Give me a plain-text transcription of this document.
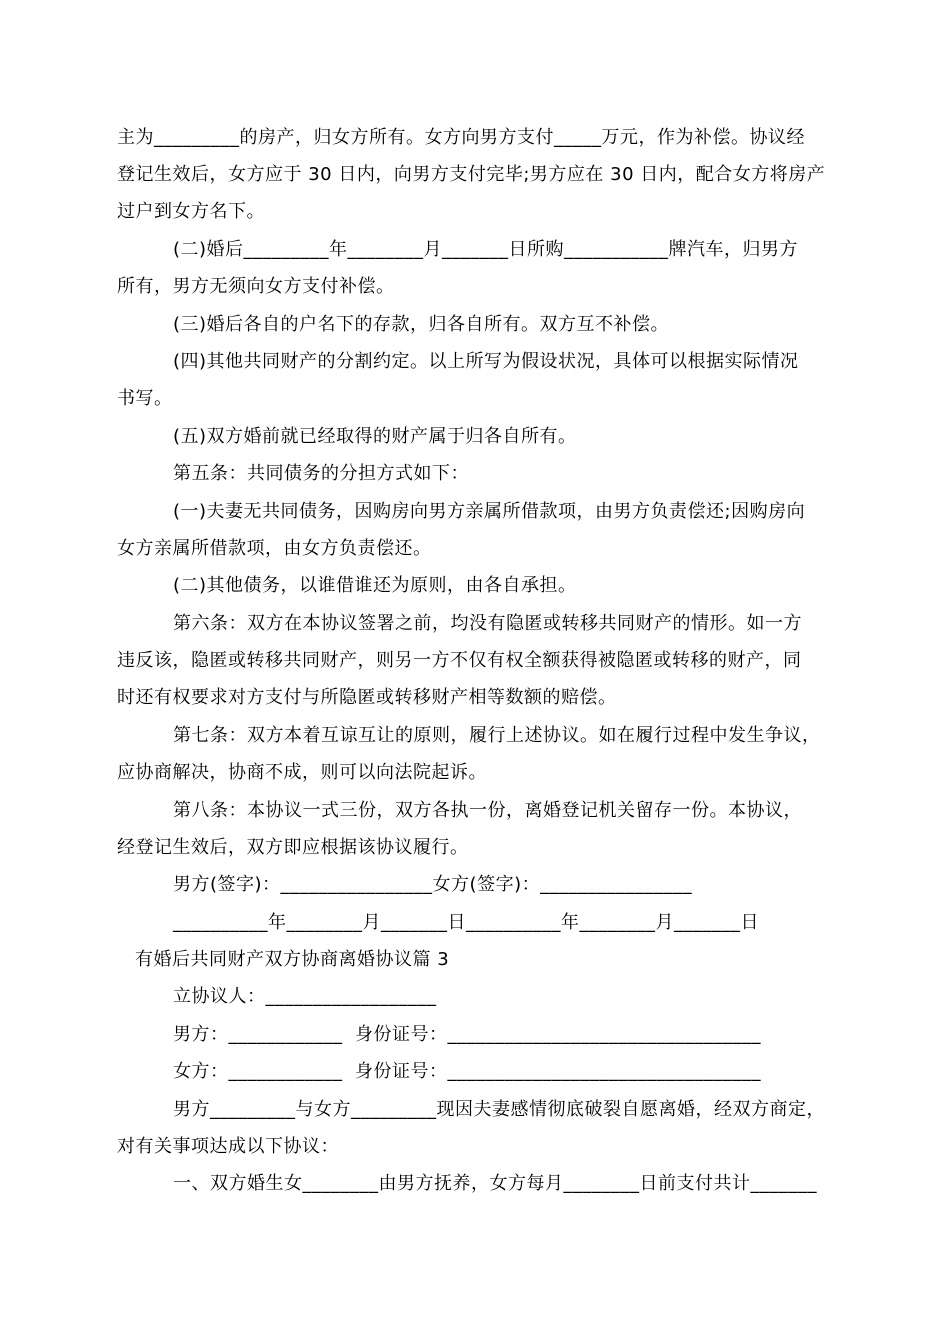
主为_________的房产，归女方所有。女方向男方支付_____万元，作为补偿。协议经
登记生效后，女方应于 30 日内，向男方支付完毕;男方应在 30 日内，配合女方将房产
过户到女方名下。
(二)婚后_________年________月_______日所购___________牌汽车，归男方
所有，男方无须向女方支付补偿。
(三)婚后各自的户名下的存款，归各自所有。双方互不补偿。
(四)其他共同财产的分割约定。以上所写为假设状况，具体可以根据实际情况
书写。
(五)双方婚前就已经取得的财产属于归各自所有。
第五条：共同债务的分担方式如下：
(一)夫妻无共同债务，因购房向男方亲属所借款项，由男方负责偿还;因购房向
女方亲属所借款项，由女方负责偿还。
(二)其他债务，以谁借谁还为原则，由各自承担。
第六条：双方在本协议签署之前，均没有隐匿或转移共同财产的情形。如一方
违反该，隐匿或转移共同财产，则另一方不仅有权全额获得被隐匿或转移的财产，同
时还有权要求对方支付与所隐匿或转移财产相等数额的赔偿。
第七条：双方本着互谅互让的原则，履行上述协议。如在履行过程中发生争议，
应协商解决，协商不成，则可以向法院起诉。
第八条：本协议一式三份，双方各执一份，离婚登记机关留存一份。本协议，
经登记生效后，双方即应根据该协议履行。
男方(签字)：________________女方(签字)：________________
__________年________月_______日__________年________月_______日
有婚后共同财产双方协商离婚协议篇 3
立协议人：__________________
男方：____________  身份证号：_________________________________
女方：____________  身份证号：_________________________________
男方_________与女方_________现因夫妻感情彻底破裂自愿离婚，经双方商定，
对有关事项达成以下协议：
一、双方婚生女________由男方抚养，女方每月________日前支付共计_______
